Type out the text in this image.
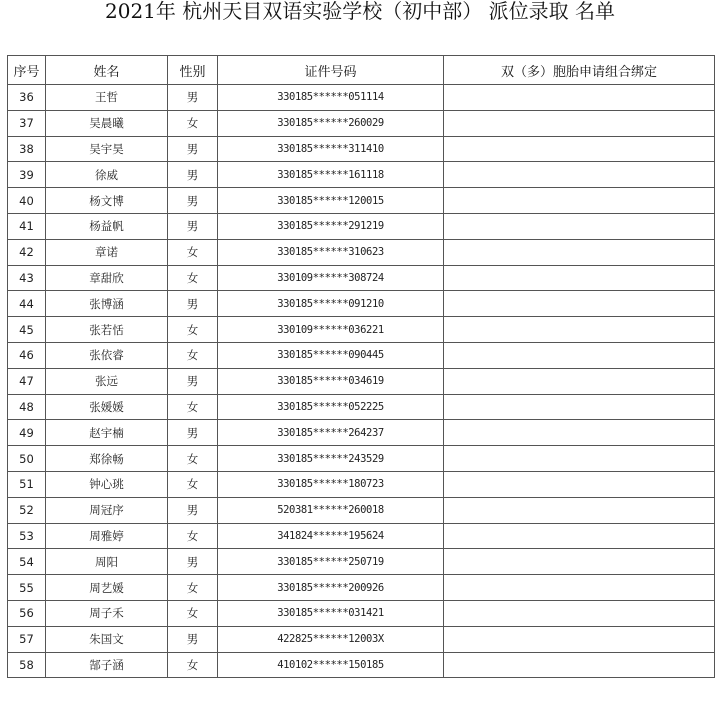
2021年 杭州天目双语实验学校（初中部） 派位录取 名单
序号	姓名	性别	证件号码	双（多）胞胎申请组合绑定
36	王哲	男	330185******051114	
37	吴晨曦	女	330185******260029	
38	吴宇昊	男	330185******311410	
39	徐威	男	330185******161118	
40	杨文博	男	330185******120015	
41	杨益帆	男	330185******291219	
42	章诺	女	330185******310623	
43	章甜欣	女	330109******308724	
44	张博涵	男	330185******091210	
45	张若恬	女	330109******036221	
46	张依睿	女	330185******090445	
47	张远	男	330185******034619	
48	张媛媛	女	330185******052225	
49	赵宇楠	男	330185******264237	
50	郑徐畅	女	330185******243529	
51	钟心珧	女	330185******180723	
52	周冠序	男	520381******260018	
53	周雅婷	女	341824******195624	
54	周阳	男	330185******250719	
55	周艺媛	女	330185******200926	
56	周子禾	女	330185******031421	
57	朱国文	男	422825******12003X	
58	郜子涵	女	410102******150185	
